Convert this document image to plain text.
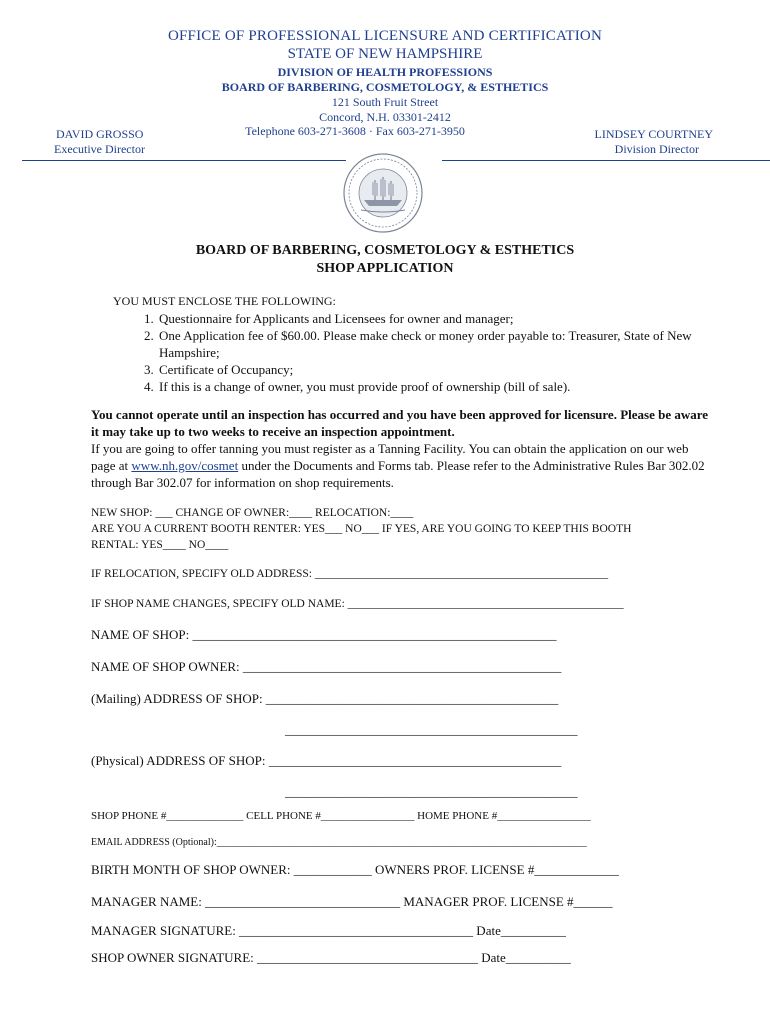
OFFICE OF PROFESSIONAL LICENSURE AND CERTIFICATION
STATE OF NEW HAMPSHIRE
DIVISION OF HEALTH PROFESSIONS
BOARD OF BARBERING, COSMETOLOGY, & ESTHETICS
121 South Fruit Street
Concord, N.H. 03301-2412
Telephone 603-271-3608 · Fax 603-271-3950
DAVID GROSSO
Executive Director
LINDSEY COURTNEY
Division Director
BOARD OF BARBERING, COSMETOLOGY & ESTHETICS
SHOP APPLICATION
YOU MUST ENCLOSE THE FOLLOWING:
1. Questionnaire for Applicants and Licensees for owner and manager;
2. One Application fee of $60.00. Please make check or money order payable to: Treasurer, State of New Hampshire;
3. Certificate of Occupancy;
4. If this is a change of owner, you must provide proof of ownership (bill of sale).
You cannot operate until an inspection has occurred and you have been approved for licensure. Please be aware it may take up to two weeks to receive an inspection appointment.
If you are going to offer tanning you must register as a Tanning Facility. You can obtain the application on our web page at www.nh.gov/cosmet under the Documents and Forms tab. Please refer to the Administrative Rules Bar 302.02 through Bar 302.07 for information on shop requirements.
NEW SHOP: ___ CHANGE OF OWNER:____ RELOCATION:____
ARE YOU A CURRENT BOOTH RENTER: YES___ NO___ IF YES, ARE YOU GOING TO KEEP THIS BOOTH
RENTAL: YES____ NO____
IF RELOCATION, SPECIFY OLD ADDRESS: ___________________________________________________
IF SHOP NAME CHANGES, SPECIFY OLD NAME: ________________________________________________
NAME OF SHOP: ________________________________________________________
NAME OF SHOP OWNER: _________________________________________________
(Mailing) ADDRESS OF SHOP: _____________________________________________
_____________________________________________
(Physical) ADDRESS OF SHOP: _____________________________________________
_____________________________________________
SHOP PHONE #______________ CELL PHONE #_________________ HOME PHONE #_________________
EMAIL ADDRESS (Optional):__________________________________________________________________________
BIRTH MONTH OF SHOP OWNER: ____________ OWNERS PROF. LICENSE #_____________
MANAGER NAME: ______________________________ MANAGER PROF. LICENSE #______
MANAGER SIGNATURE: ____________________________________ Date__________
SHOP OWNER SIGNATURE: __________________________________ Date__________
